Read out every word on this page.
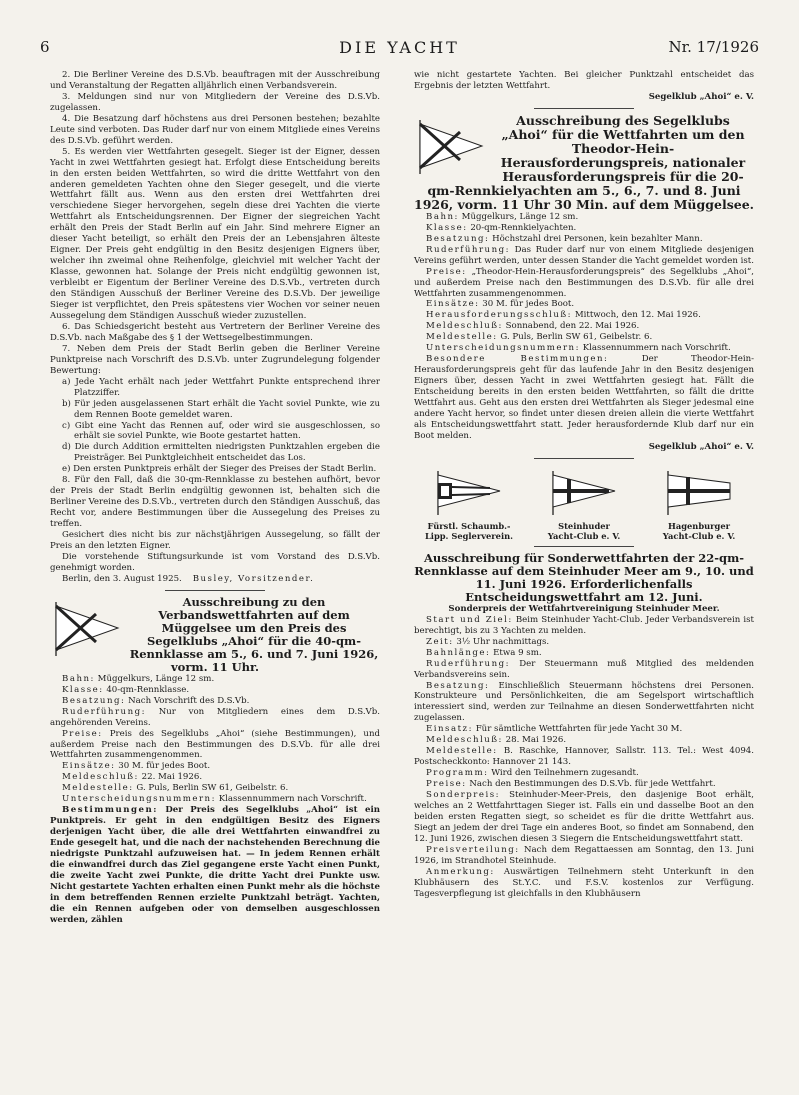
6	DIE YACHT	Nr. 17/1926

2. Die Berliner Vereine des D.S.Vb. beauftragen mit der Ausschreibung und Veranstaltung der Regatten alljährlich einen Verbandsverein.

3. Meldungen sind nur von Mitgliedern der Vereine des D.S.Vb. zugelassen.

4. Die Besatzung darf höchstens aus drei Personen bestehen; bezahlte Leute sind verboten. Das Ruder darf nur von einem Mitgliede eines Vereins des D.S.Vb. geführt werden.

5. Es werden vier Wettfahrten gesegelt. Sieger ist der Eigner, dessen Yacht in zwei Wettfahrten gesiegt hat. Erfolgt diese Entscheidung bereits in den ersten beiden Wettfahrten, so wird die dritte Wettfahrt von den anderen gemeldeten Yachten ohne den Sieger gesegelt, und die vierte Wettfahrt fällt aus. Wenn aus den ersten drei Wettfahrten drei verschiedene Sieger hervorgehen, segeln diese drei Yachten die vierte Wettfahrt als Entscheidungsrennen. Der Eigner der siegreichen Yacht erhält den Preis der Stadt Berlin auf ein Jahr. Sind mehrere Eigner an dieser Yacht beteiligt, so erhält den Preis der an Lebensjahren älteste Eigner. Der Preis geht endgültig in den Besitz desjenigen Eigners über, welcher ihn zweimal ohne Reihenfolge, gleichviel mit welcher Yacht der Klasse, gewonnen hat. Solange der Preis nicht endgültig gewonnen ist, verbleibt er Eigentum der Berliner Vereine des D.S.Vb., vertreten durch den Ständigen Ausschuß der Berliner Vereine des D.S.Vb. Der jeweilige Sieger ist verpflichtet, den Preis spätestens vier Wochen vor seiner neuen Aussegelung dem Ständigen Ausschuß wieder zuzustellen.

6. Das Schiedsgericht besteht aus Vertretern der Berliner Vereine des D.S.Vb. nach Maßgabe des § 1 der Wettsegelbestimmungen.

7. Neben dem Preis der Stadt Berlin geben die Berliner Vereine Punktpreise nach Vorschrift des D.S.Vb. unter Zugrundelegung folgender Bewertung:

a) Jede Yacht erhält nach jeder Wettfahrt Punkte entsprechend ihrer Platzziffer.

b) Für jeden ausgelassenen Start erhält die Yacht soviel Punkte, wie zu dem Rennen Boote gemeldet waren.

c) Gibt eine Yacht das Rennen auf, oder wird sie ausgeschlossen, so erhält sie soviel Punkte, wie Boote gestartet hatten.

d) Die durch Addition ermittelten niedrigsten Punktzahlen ergeben die Preisträger. Bei Punktgleichheit entscheidet das Los.

e) Den ersten Punktpreis erhält der Sieger des Preises der Stadt Berlin.

8. Für den Fall, daß die 30-qm-Rennklasse zu bestehen aufhört, bevor der Preis der Stadt Berlin endgültig gewonnen ist, behalten sich die Berliner Vereine des D.S.Vb., vertreten durch den Ständigen Ausschuß, das Recht vor, andere Bestimmungen über die Aussegelung des Preises zu treffen.

Gesichert dies nicht bis zur nächstjährigen Aussegelung, so fällt der Preis an den letzten Eigner.

Die vorstehende Stiftungsurkunde ist vom Vorstand des D.S.Vb. genehmigt worden.

Berlin, den 3. August 1925. Busley, Vorsitzender.

Ausschreibung zu den Verbandswettfahrten auf dem Müggelsee um den Preis des Segelklubs „Ahoi“ für die 40-qm-Rennklasse am 5., 6. und 7. Juni 1926, vorm. 11 Uhr.

Bahn: Müggelkurs, Länge 12 sm.

Klasse: 40-qm-Rennklasse.

Besatzung: Nach Vorschrift des D.S.Vb.

Ruderführung: Nur von Mitgliedern eines dem D.S.Vb. angehörenden Vereins.

Preise: Preis des Segelklubs „Ahoi“ (siehe Bestimmungen), und außerdem Preise nach den Bestimmungen des D.S.Vb. für alle drei Wettfahrten zusammengenommen.

Einsätze: 30 M. für jedes Boot.

Meldeschluß: 22. Mai 1926.

Meldestelle: G. Puls, Berlin SW 61, Geibelstr. 6.

Unterscheidungsnummern: Klassennummern nach Vorschrift.

Bestimmungen: Der Preis des Segelklubs „Ahoi“ ist ein Punktpreis. Er geht in den endgültigen Besitz des Eigners derjenigen Yacht über, die alle drei Wettfahrten einwandfrei zu Ende gesegelt hat, und die nach der nachstehenden Berechnung die niedrigste Punktzahl aufzuweisen hat. — In jedem Rennen erhält die einwandfrei durch das Ziel gegangene erste Yacht einen Punkt, die zweite Yacht zwei Punkte, die dritte Yacht drei Punkte usw. Nicht gestartete Yachten erhalten einen Punkt mehr als die höchste in dem betreffenden Rennen erzielte Punktzahl beträgt. Yachten, die ein Rennen aufgeben oder von demselben ausgeschlossen werden, zählen

wie nicht gestartete Yachten. Bei gleicher Punktzahl entscheidet das Ergebnis der letzten Wettfahrt.

Segelklub „Ahoi“ e. V.

Ausschreibung des Segelklubs „Ahoi“ für die Wettfahrten um den Theodor-Hein-Herausforderungspreis, nationaler Herausforderungspreis für die 20-qm-Rennkielyachten am 5., 6., 7. und 8. Juni 1926, vorm. 11 Uhr 30 Min. auf dem Müggelsee.

Bahn: Müggelkurs, Länge 12 sm.

Klasse: 20-qm-Rennkielyachten.

Besatzung: Höchstzahl drei Personen, kein bezahlter Mann.

Ruderführung: Das Ruder darf nur von einem Mitgliede desjenigen Vereins geführt werden, unter dessen Stander die Yacht gemeldet worden ist.

Preise: „Theodor-Hein-Herausforderungspreis“ des Segelklubs „Ahoi“, und außerdem Preise nach den Bestimmungen des D.S.Vb. für alle drei Wettfahrten zusammengenommen.

Einsätze: 30 M. für jedes Boot.

Herausforderungsschluß: Mittwoch, den 12. Mai 1926.

Meldeschluß: Sonnabend, den 22. Mai 1926.

Meldestelle: G. Puls, Berlin SW 61, Geibelstr. 6.

Unterscheidungsnummern: Klassennummern nach Vorschrift.

Besondere Bestimmungen:	Der Theodor-Hein-Herausforderungspreis geht für das laufende Jahr in den Besitz desjenigen Eigners über, dessen Yacht in zwei Wettfahrten gesiegt hat. Fällt die Entscheidung bereits in den ersten beiden Wettfahrten, so fällt die dritte Wettfahrt aus. Geht aus den ersten drei Wettfahrten als Sieger jedesmal eine andere Yacht hervor, so findet unter diesen dreien allein die vierte Wettfahrt als Entscheidungswettfahrt statt. Jeder herausfordernde Klub darf nur ein Boot melden.

Segelklub „Ahoi“ e. V.

Fürstl. Schaumb.-
Lipp. Seglerverein.
Steinhuder
Yacht-Club e. V.
Hagenburger
Yacht-Club e. V.
Ausschreibung für Sonderwettfahrten der 22-qm-Rennklasse auf dem Steinhuder Meer am 9., 10. und 11. Juni 1926. Erforderlichenfalls Entscheidungswettfahrt am 12. Juni.
Sonderpreis der Wettfahrtvereinigung Steinhuder Meer.

Start und Ziel: Beim Steinhuder Yacht-Club. Jeder Verbandsverein ist berechtigt, bis zu 3 Yachten zu melden.

Zeit: 3½ Uhr nachmittags.

Bahnlänge: Etwa 9 sm.

Ruderführung: Der Steuermann muß Mitglied des meldenden Verbandsvereins sein.

Besatzung: Einschließlich Steuermann höchstens drei Personen. Konstrukteure und Persönlichkeiten, die am Segelsport wirtschaftlich interessiert sind, werden zur Teilnahme an diesen Sonderwettfahrten nicht zugelassen.

Einsatz: Für sämtliche Wettfahrten für jede Yacht 30 M.

Meldeschluß: 28. Mai 1926.

Meldestelle: B. Raschke, Hannover, Sallstr. 113. Tel.: West 4094. Postscheckkonto: Hannover 21 143.

Programm: Wird den Teilnehmern zugesandt.

Preise: Nach den Bestimmungen des D.S.Vb. für jede Wettfahrt.

Sonderpreis: Steinhuder-Meer-Preis, den dasjenige Boot erhält, welches an 2 Wettfahrttagen Sieger ist. Falls ein und dasselbe Boot an den beiden ersten Regatten siegt, so scheidet es für die dritte Wettfahrt aus. Siegt an jedem der drei Tage ein anderes Boot, so findet am Sonnabend, den 12. Juni 1926, zwischen diesen 3 Siegern die Entscheidungswettfahrt statt.

Preisverteilung: Nach dem Regattaessen am Sonntag, den 13. Juni 1926, im Strandhotel Steinhude.

Anmerkung: Auswärtigen Teilnehmern steht Unterkunft in den Klubhäusern des St.Y.C. und F.S.V. kostenlos zur Verfügung. Tagesverpflegung ist gleichfalls in den Klubhäusern
